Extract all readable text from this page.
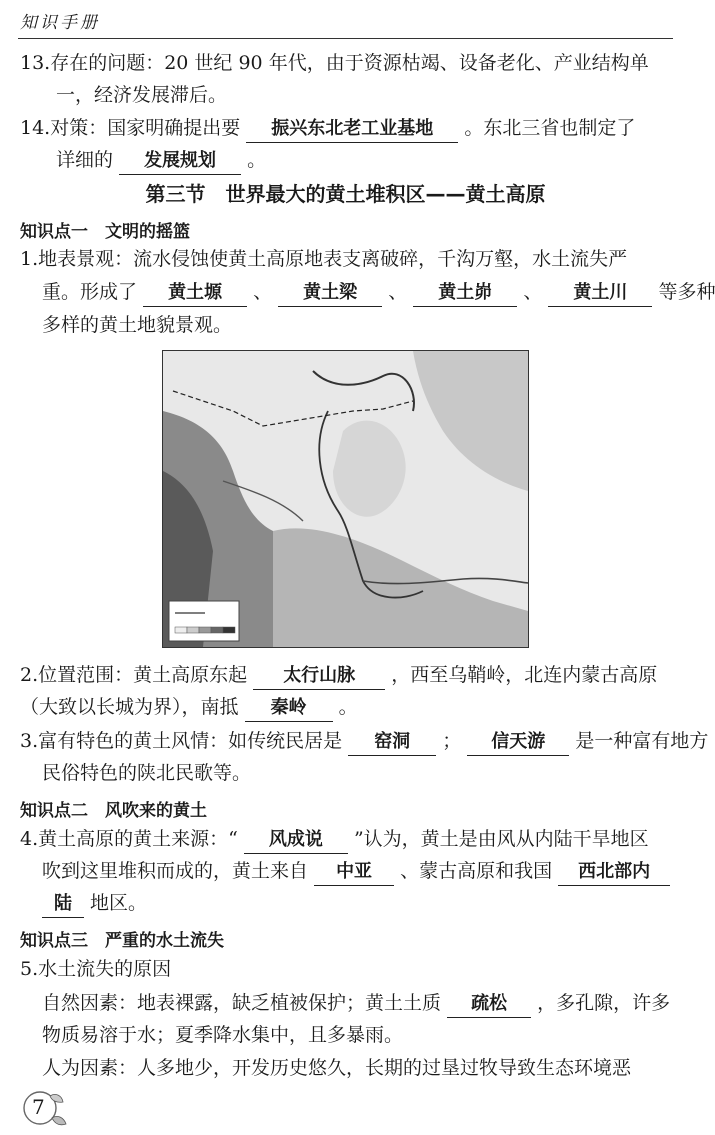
知识手册
13.存在的问题：20 世纪 90 年代，由于资源枯竭、设备老化、产业结构单
一，经济发展滞后。
14.对策：国家明确提出要 振兴东北老工业基地 。东北三省也制定了
详细的 发展规划 。
第三节　世界最大的黄土堆积区——黄土高原
知识点一　文明的摇篮
1.地表景观：流水侵蚀使黄土高原地表支离破碎，千沟万壑，水土流失严
重。形成了 黄土塬 、 黄土梁 、 黄土峁 、 黄土川 等多种
多样的黄土地貌景观。
2.位置范围：黄土高原东起 太行山脉 ，西至乌鞘岭，北连内蒙古高原
（大致以长城为界），南抵 秦岭 。
3.富有特色的黄土风情：如传统民居是 窑洞 ； 信天游 是一种富有地方
民俗特色的陕北民歌等。
知识点二　风吹来的黄土
4.黄土高原的黄土来源：“ 风成说 ”认为，黄土是由风从内陆干旱地区
吹到这里堆积而成的，黄土来自 中亚 、蒙古高原和我国 西北部内
陆 地区。
知识点三　严重的水土流失
5.水土流失的原因
自然因素：地表裸露，缺乏植被保护；黄土土质 疏松 ，多孔隙，许多
物质易溶于水；夏季降水集中，且多暴雨。
人为因素：人多地少，开发历史悠久，长期的过垦过牧导致生态环境恶
7
